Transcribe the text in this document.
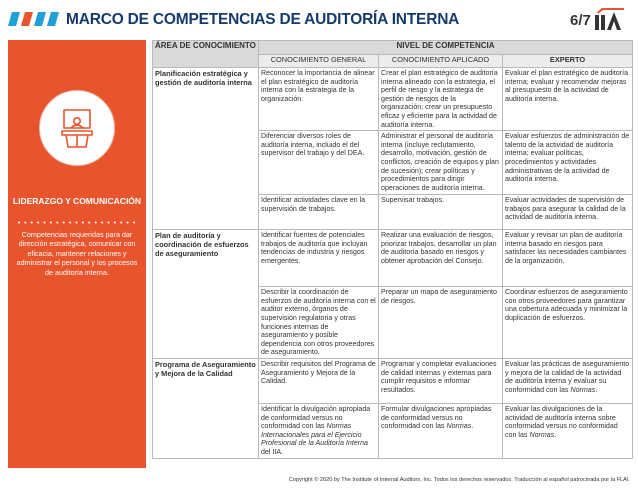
MARCO DE COMPETENCIAS DE AUDITORÍA INTERNA	6/7
LIDERAZGO Y COMUNICACIÓN
• • • • • • • • • • • • • • • • • • •
Competencias requeridas para dar dirección estratégica, comunicar con eficacia, mantener relaciones y administrar el personal y los procesos de auditoría interna.
ÁREA DE CONOCIMIENTO	NIVEL DE COMPETENCIA		
	CONOCIMIENTO GENERAL	CONOCIMIENTO APLICADO	EXPERTO
Planificación estratégica y gestión de auditoría interna	Reconocer la importancia de alinear el plan estratégico de auditoría interna con la estrategia de la organización.	Crear el plan estratégico de auditoría interna alineado con la estrategia, el perfil de riesgo y la estrategia de gestión de riesgos de la organización; crear un presupuesto eficaz y eficiente para la actividad de auditoría interna.	Evaluar el plan estratégico de auditoría interna; evaluar y recomendar mejoras al presupuesto de la actividad de auditoría interna.
	Diferenciar diversos roles de auditoría interna, incluido el del supervisor del trabajo y del DEA.	Administrar el personal de auditoría interna (incluye reclutamiento, desarrollo, motivación, gestión de conflictos, creación de equipos y plan de sucesión); crear políticas y procedimientos para dirigir operaciones de auditoría interna.	Evaluar esfuerzos de administración de talento de la actividad de auditoría interna; evaluar políticas, procedimientos y actividades administrativas de la actividad de auditoría interna.
	Identificar actividades clave en la supervisión de trabajos.	Supervisar trabajos.	Evaluar actividades de supervisión de trabajos para asegurar la calidad de la actividad de auditoría interna.
Plan de auditoría y coordinación de esfuerzos de aseguramiento	Identificar fuentes de potenciales trabajos de auditoría que incluyan tendencias de industria y riesgos emergentes.	Realizar una evaluación de riesgos, priorizar trabajos, desarrollar un plan de auditoría basado en riesgos y obtener aprobación del Consejo.	Evaluar y revisar un plan de auditoría interna basado en riesgos para satisfacer las necesidades cambiantes de la organización.
	Describir la coordinación de esfuerzos de auditoría interna con el auditor externo, órganos de supervisión regulatoria y otras funciones internas de aseguramiento y posible dependencia con otros proveedores de aseguramiento.	Preparar un mapa de aseguramiento de riesgos.	Coordinar esfuerzos de aseguramiento con otros proveedores para garantizar una cobertura adecuada y minimizar la duplicación de esfuerzos.
Programa de Aseguramiento y Mejora de la Calidad	Describir requisitos del Programa de Aseguramiento y Mejora de la Calidad.	Programar y completar evaluaciones de calidad internas y externas para cumplir requisitos e informar resultados.	Evaluar las prácticas de aseguramiento y mejora de la calidad de la actividad de auditoría interna y evaluar su conformidad con las Normas.
	Identificar la divulgación apropiada de conformidad versus no conformidad con las Normas Internacionales para el Ejercicio Profesional de la Auditoría Interna del IIA.	Formular divulgaciones apropiadas de conformidad versus no conformidad con las Normas.	Evaluar las divulgaciones de la actividad de auditoría interna sobre conformidad versus no conformidad con las Normas.
Copyright © 2020 by The Institute of Internal Auditors, Inc. Todos los derechos reservados. Traducción al español patrocinada por la FLAI.
